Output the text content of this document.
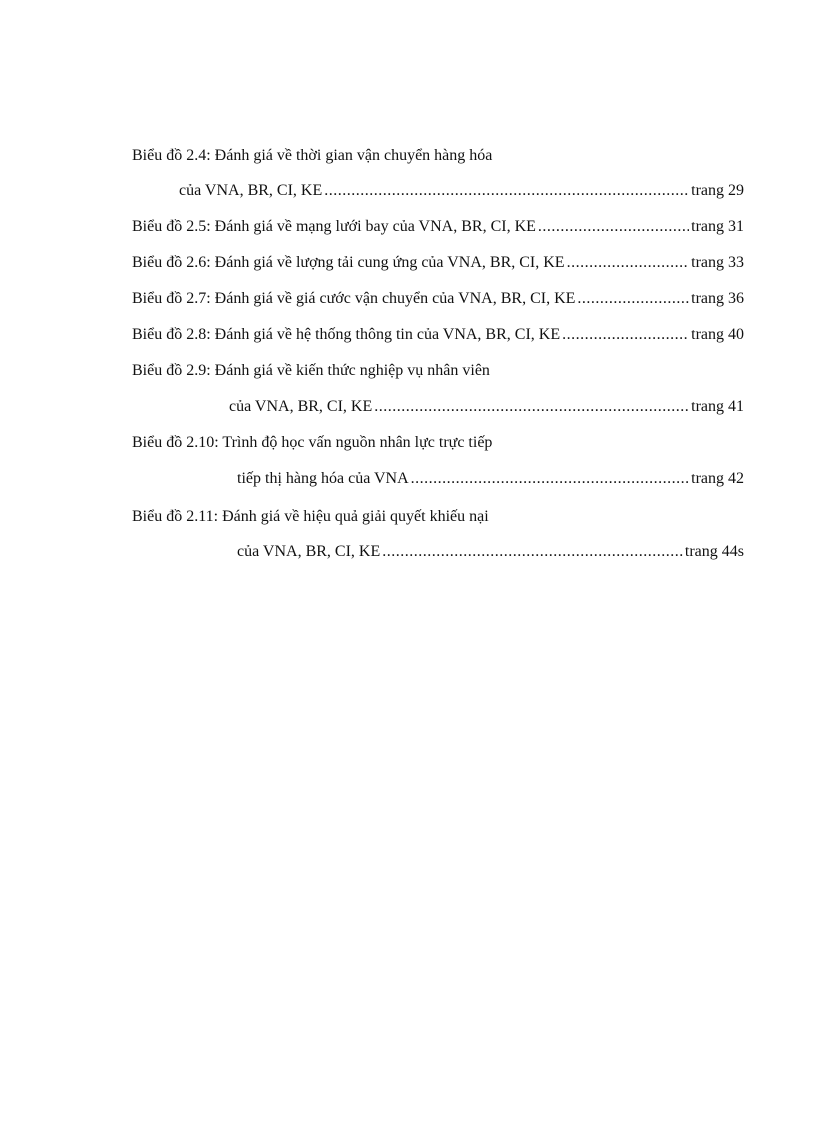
Biểu đồ 2.4: Đánh giá về thời gian vận chuyển hàng hóa
của VNA, BR, CI, KE .....	trang 29
Biểu đồ 2.5: Đánh giá về mạng lưới bay của VNA, BR, CI, KE .....	trang 31
Biểu đồ 2.6: Đánh giá về lượng tải cung ứng của VNA, BR, CI, KE .....	trang 33
Biểu đồ 2.7: Đánh giá về giá cước vận chuyển của VNA, BR, CI, KE .....	trang 36
Biểu đồ 2.8: Đánh giá về hệ thống thông tin của VNA, BR, CI, KE .....	trang 40
Biểu đồ 2.9: Đánh giá về kiến thức nghiệp vụ nhân viên
của VNA, BR, CI, KE .....	trang 41
Biểu đồ 2.10: Trình độ học vấn nguồn nhân lực trực tiếp
tiếp thị hàng hóa của VNA .....	trang 42
Biểu đồ 2.11: Đánh giá về hiệu quả giải quyết khiếu nại
của VNA, BR, CI, KE .....	trang 44s
